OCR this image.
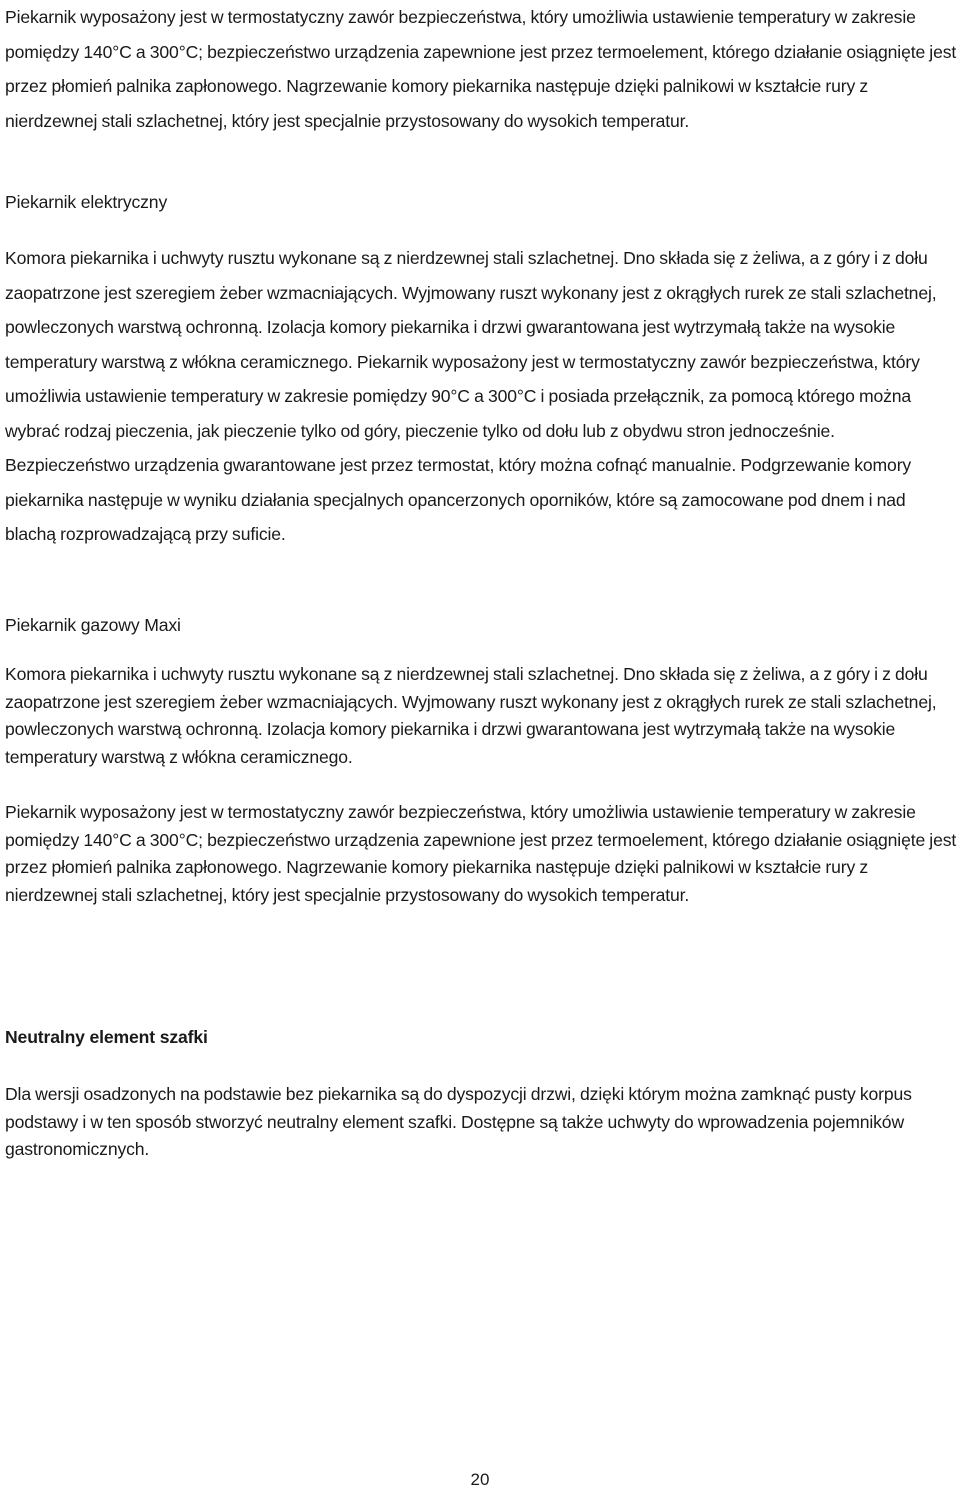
Piekarnik wyposażony jest w termostatyczny zawór bezpieczeństwa, który umożliwia ustawienie temperatury w zakresie pomiędzy 140°C a 300°C; bezpieczeństwo urządzenia zapewnione jest przez termoelement, którego działanie osiągnięte jest przez płomień palnika zapłonowego. Nagrzewanie komory piekarnika następuje dzięki palnikowi w kształcie rury z nierdzewnej stali szlachetnej, który jest specjalnie przystosowany do wysokich temperatur.

Piekarnik elektryczny

Komora piekarnika i uchwyty rusztu wykonane są z nierdzewnej stali szlachetnej. Dno składa się z żeliwa, a z góry i z dołu zaopatrzone jest szeregiem żeber wzmacniających. Wyjmowany ruszt wykonany jest z okrągłych rurek ze stali szlachetnej, powleczonych warstwą ochronną. Izolacja komory piekarnika i drzwi gwarantowana jest wytrzymałą także na wysokie temperatury warstwą z włókna ceramicznego. Piekarnik wyposażony jest w termostatyczny zawór bezpieczeństwa, który umożliwia ustawienie temperatury w zakresie pomiędzy 90°C a 300°C i posiada przełącznik, za pomocą którego można wybrać rodzaj pieczenia, jak pieczenie tylko od góry, pieczenie tylko od dołu lub z obydwu stron jednocześnie. Bezpieczeństwo urządzenia gwarantowane jest przez termostat, który można cofnąć manualnie. Podgrzewanie komory piekarnika następuje w wyniku działania specjalnych opancerzonych oporników, które są zamocowane pod dnem i nad blachą rozprowadzającą przy suficie.

Piekarnik gazowy Maxi

Komora piekarnika i uchwyty rusztu wykonane są z nierdzewnej stali szlachetnej. Dno składa się z żeliwa, a z góry i z dołu zaopatrzone jest szeregiem żeber wzmacniających. Wyjmowany ruszt wykonany jest z okrągłych rurek ze stali szlachetnej, powleczonych warstwą ochronną. Izolacja komory piekarnika i drzwi gwarantowana jest wytrzymałą także na wysokie temperatury warstwą z włókna ceramicznego.

Piekarnik wyposażony jest w termostatyczny zawór bezpieczeństwa, który umożliwia ustawienie temperatury w zakresie pomiędzy 140°C a 300°C; bezpieczeństwo urządzenia zapewnione jest przez termoelement, którego działanie osiągnięte jest przez płomień palnika zapłonowego. Nagrzewanie komory piekarnika następuje dzięki palnikowi w kształcie rury z nierdzewnej stali szlachetnej, który jest specjalnie przystosowany do wysokich temperatur.

Neutralny element szafki

Dla wersji osadzonych na podstawie bez piekarnika są do dyspozycji drzwi, dzięki którym można zamknąć pusty korpus podstawy i w ten sposób stworzyć neutralny element szafki. Dostępne są także uchwyty do wprowadzenia pojemników gastronomicznych.

20
